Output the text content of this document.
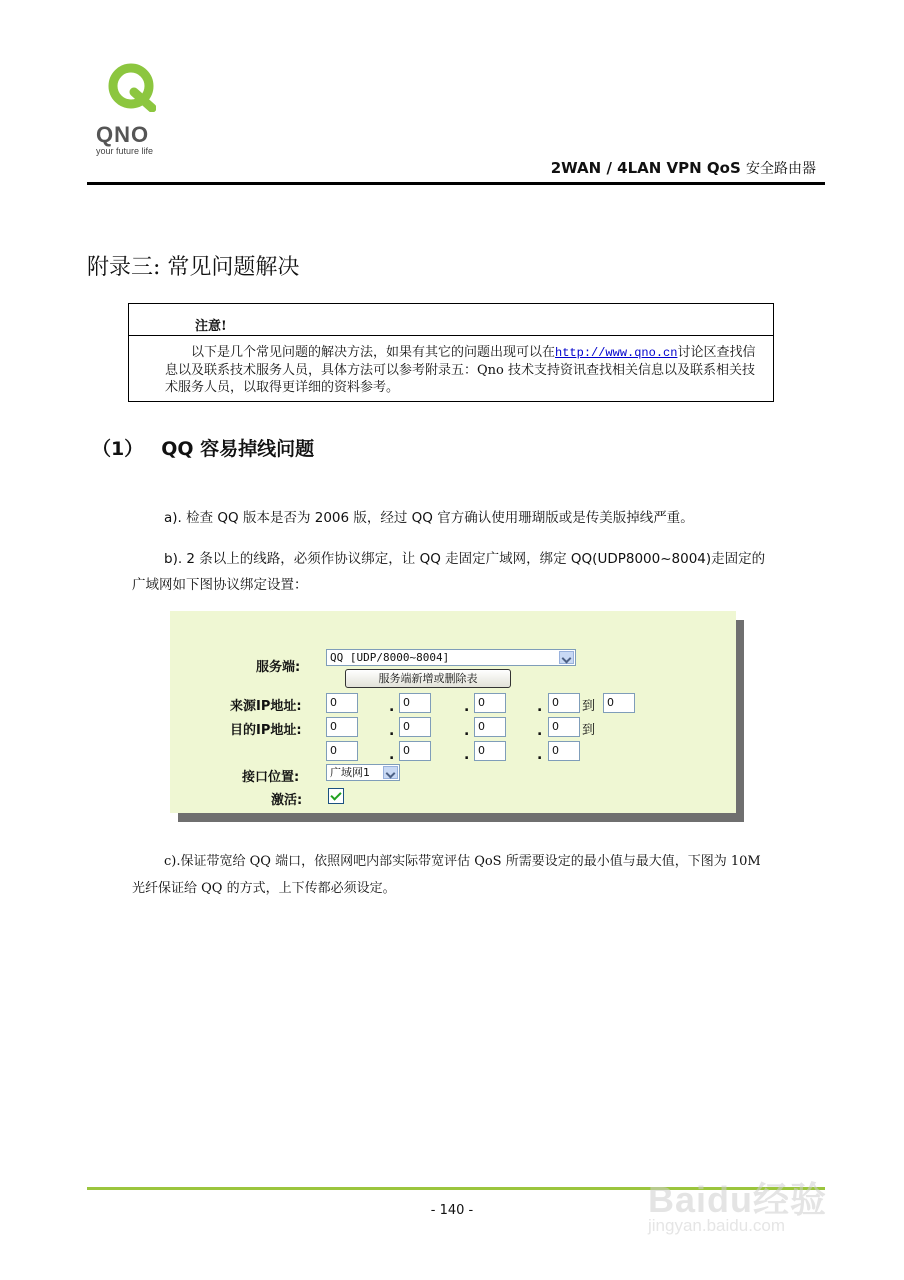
QNO
your future life
2WAN / 4LAN VPN QoS 安全路由器
附录三: 常见问题解决
注意!
以下是几个常见问题的解决方法，如果有其它的问题出现可以在http://www.qno.cn讨论区查找信息以及联系技术服务人员，具体方法可以参考附录五：Qno 技术支持资讯查找相关信息以及联系相关技术服务人员，以取得更详细的资料参考。
（1） QQ 容易掉线问题
a). 检查 QQ 版本是否为 2006 版，经过 QQ 官方确认使用珊瑚版或是传美版掉线严重。
b). 2 条以上的线路，必须作协议绑定，让 QQ 走固定广域网，绑定 QQ(UDP8000~8004)走固定的
广域网如下图协议绑定设置：
服务端:
QQ [UDP/8000~8004]
服务端新增或删除表
来源IP地址:	0	. 0	. 0	. 0	到	0
目的IP地址:	0	. 0	. 0	. 0	到
0	. 0	. 0	. 0
接口位置:	广域网1
激活:
c).保证带宽给 QQ 端口，依照网吧内部实际带宽评估 QoS 所需要设定的最小值与最大值，下图为 10M
光纤保证给 QQ 的方式，上下传都必须设定。
- 140 -	Baidu经验
jingyan.baidu.com
